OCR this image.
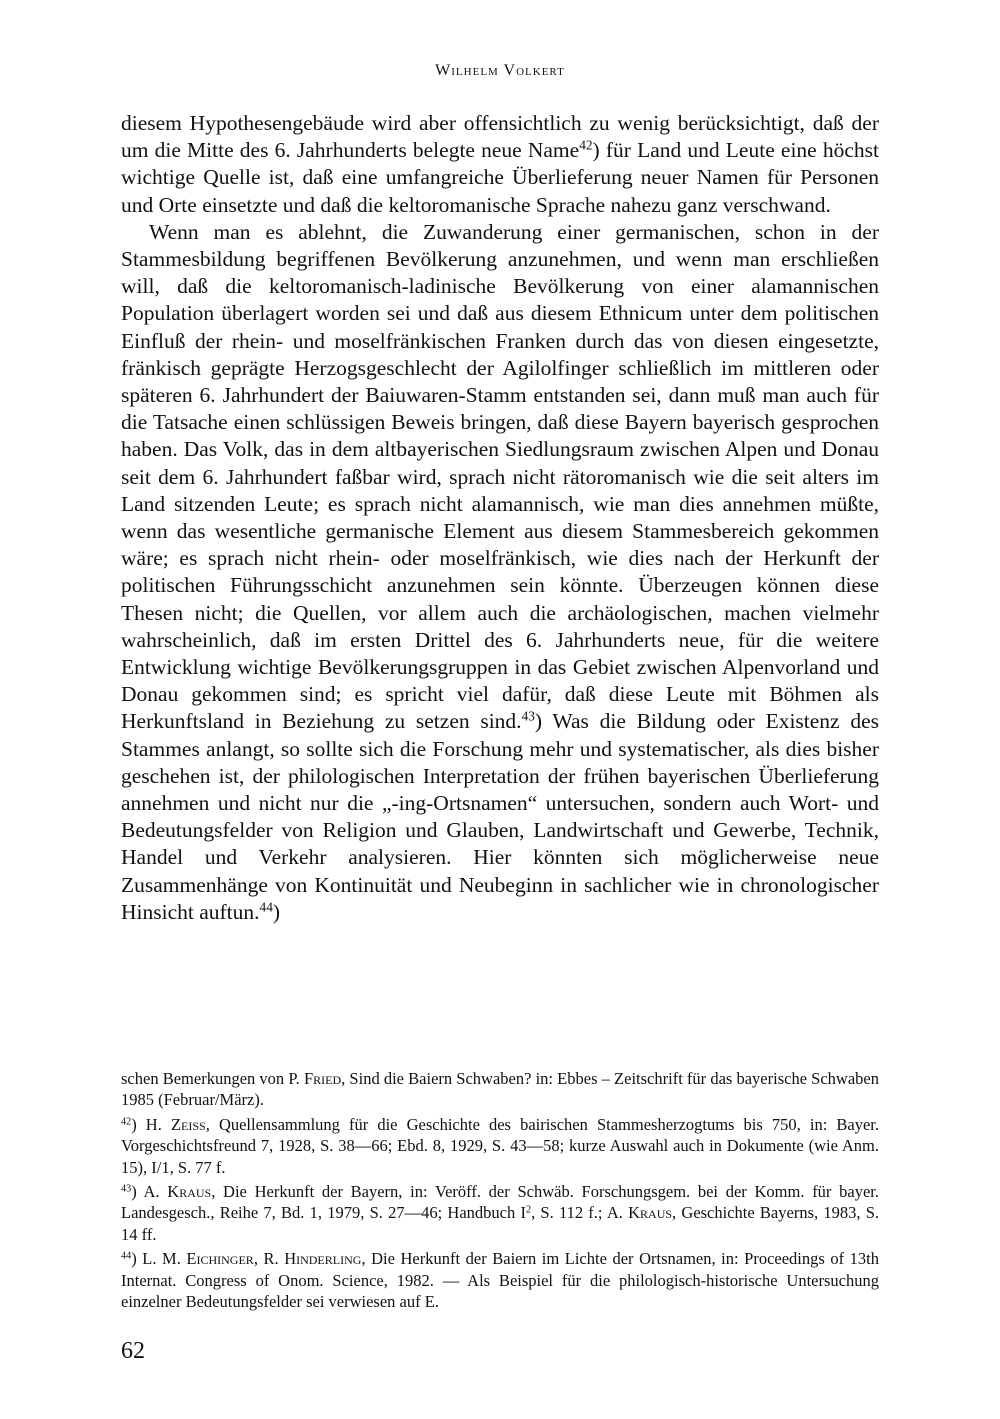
Wilhelm Volkert

diesem Hypothesengebäude wird aber offensichtlich zu wenig berücksichtigt, daß der um die Mitte des 6. Jahrhunderts belegte neue Name$^{42}$) für Land und Leute eine höchst wichtige Quelle ist, daß eine umfangreiche Überlieferung neuer Namen für Personen und Orte einsetzte und daß die keltoromanische Sprache nahezu ganz verschwand.

Wenn man es ablehnt, die Zuwanderung einer germanischen, schon in der Stammesbildung begriffenen Bevölkerung anzunehmen, und wenn man erschließen will, daß die keltoromanisch-ladinische Bevölkerung von einer alamannischen Population überlagert worden sei und daß aus diesem Ethnicum unter dem politischen Einfluß der rhein- und moselfränkischen Franken durch das von diesen eingesetzte, fränkisch geprägte Herzogsgeschlecht der Agilolfinger schließlich im mittleren oder späteren 6. Jahrhundert der Baiuwaren-Stamm entstanden sei, dann muß man auch für die Tatsache einen schlüssigen Beweis bringen, daß diese Bayern bayerisch gesprochen haben. Das Volk, das in dem altbayerischen Siedlungsraum zwischen Alpen und Donau seit dem 6. Jahrhundert faßbar wird, sprach nicht rätoromanisch wie die seit alters im Land sitzenden Leute; es sprach nicht alamannisch, wie man dies annehmen müßte, wenn das wesentliche germanische Element aus diesem Stammesbereich gekommen wäre; es sprach nicht rhein- oder moselfränkisch, wie dies nach der Herkunft der politischen Führungsschicht anzunehmen sein könnte. Überzeugen können diese Thesen nicht; die Quellen, vor allem auch die archäologischen, machen vielmehr wahrscheinlich, daß im ersten Drittel des 6. Jahrhunderts neue, für die weitere Entwicklung wichtige Bevölkerungsgruppen in das Gebiet zwischen Alpenvorland und Donau gekommen sind; es spricht viel dafür, daß diese Leute mit Böhmen als Herkunftsland in Beziehung zu setzen sind.$^{43}$) Was die Bildung oder Existenz des Stammes anlangt, so sollte sich die Forschung mehr und systematischer, als dies bisher geschehen ist, der philologischen Interpretation der frühen bayerischen Überlieferung annehmen und nicht nur die „-ing-Ortsnamen“ untersuchen, sondern auch Wort- und Bedeutungsfelder von Religion und Glauben, Landwirtschaft und Gewerbe, Technik, Handel und Verkehr analysieren. Hier könnten sich möglicherweise neue Zusammenhänge von Kontinuität und Neubeginn in sachlicher wie in chronologischer Hinsicht auftun.$^{44}$)

schen Bemerkungen von P. Fried, Sind die Baiern Schwaben? in: Ebbes – Zeitschrift für das bayerische Schwaben 1985 (Februar/März).

$^{42}$) H. Zeiss, Quellensammlung für die Geschichte des bairischen Stammesherzogtums bis 750, in: Bayer. Vorgeschichtsfreund 7, 1928, S. 38—66; Ebd. 8, 1929, S. 43—58; kurze Auswahl auch in Dokumente (wie Anm. 15), I/1, S. 77 f.

$^{43}$) A. Kraus, Die Herkunft der Bayern, in: Veröff. der Schwäb. Forschungsgem. bei der Komm. für bayer. Landesgesch., Reihe 7, Bd. 1, 1979, S. 27—46; Handbuch $I^2$, S. 112 f.; A. Kraus, Geschichte Bayerns, 1983, S. 14 ff.

$^{44}$) L. M. Eichinger, R. Hinderling, Die Herkunft der Baiern im Lichte der Ortsnamen, in: Proceedings of 13th Internat. Congress of Onom. Science, 1982. — Als Beispiel für die philologisch-historische Untersuchung einzelner Bedeutungsfelder sei verwiesen auf E.

62
